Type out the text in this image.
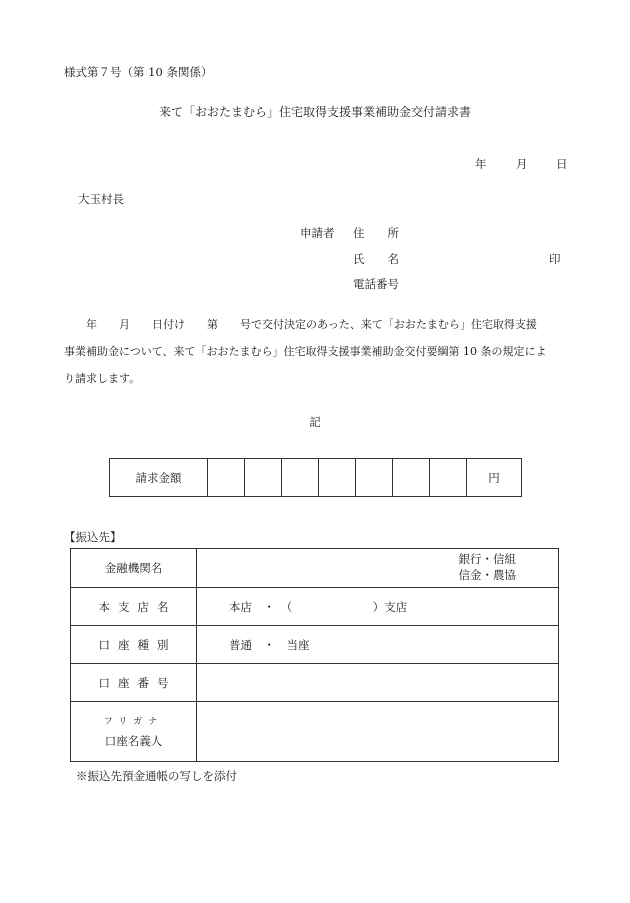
様式第７号（第 10 条関係）
来て「おおたまむら」住宅取得支援事業補助金交付請求書
年	月 日
大玉村長
申請者 住　　所
氏　　名	印
電話番号

年　　月　　日付け　　第　　号で交付決定のあった、来て「おおたまむら」住宅取得支援

事業補助金について、来て「おおたまむら」住宅取得支援事業補助金交付要綱第 10 条の規定によ

り請求します。

記
請求金額								円
【振込先】
金融機関名	銀行・信組
信金・農協

本支店名	本店　・　（　　　　　　　）支店

口座種別	普通　・　当座

口座番号	

フリガナ
口座名義人	
※振込先預金通帳の写しを添付
